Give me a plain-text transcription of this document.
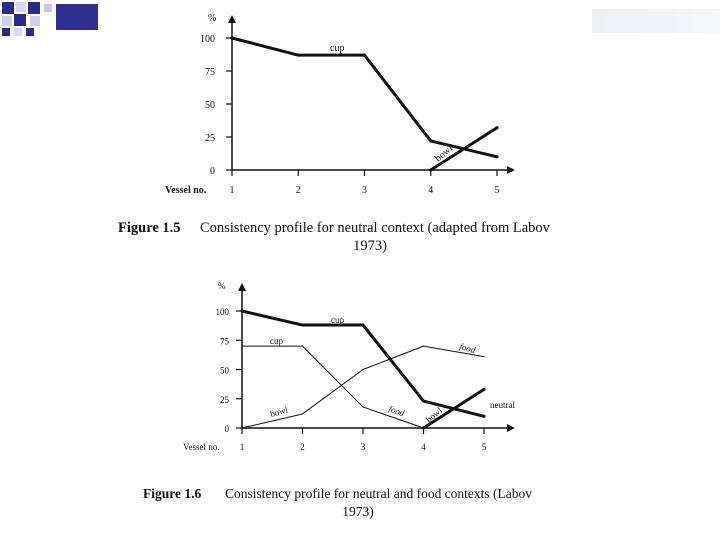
%
0
25
50
75
100
Vessel no. 1	2	3	4	5
cup
bowl
%
0
25
50
75
100
Vessel no. 1	2	3	4	5
cup
cup
food
food
bowl	bowl
neutral
Figure 1.5 Consistency profile for neutral context (adapted from Labov
1973)
Figure 1.6 Consistency profile for neutral and food contexts (Labov
1973)
